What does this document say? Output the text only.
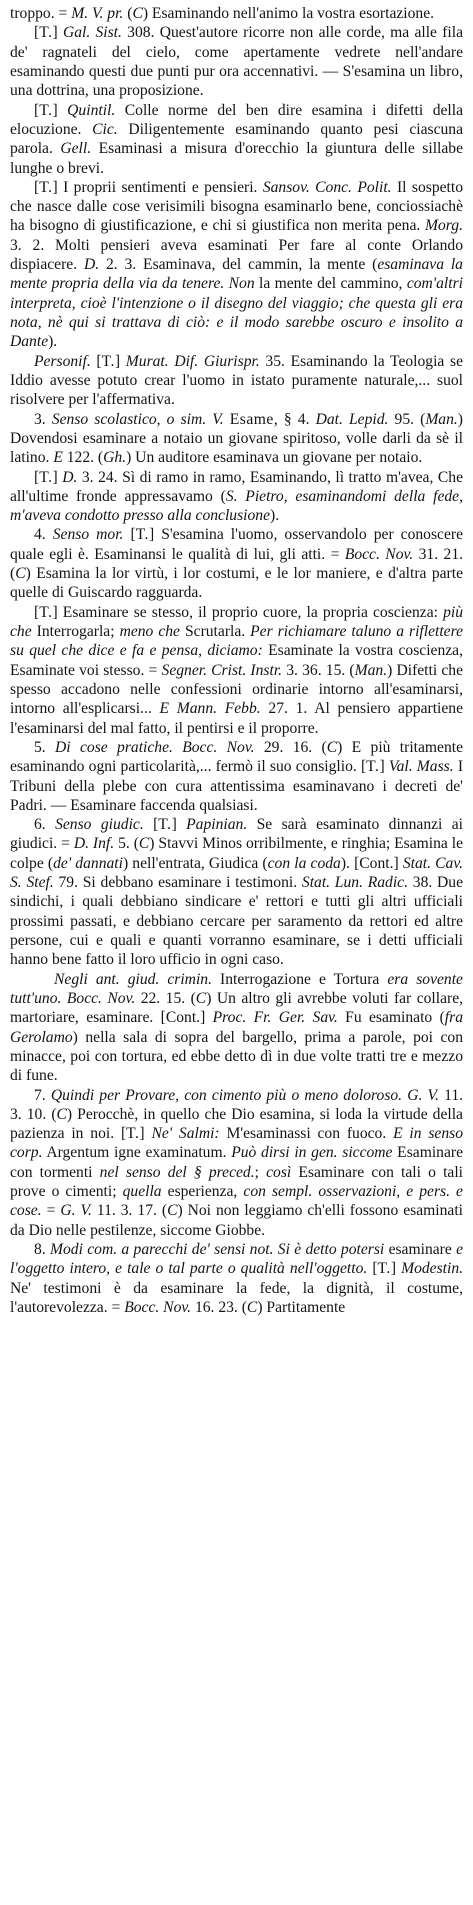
troppo. = M. V. pr. (C) Esaminando nell'animo la vostra esortazione.

[T.] Gal. Sist. 308. Quest'autore ricorre non alle corde, ma alle fila de' ragnateli del cielo, come apertamente vedrete nell'andare esaminando questi due punti pur ora accennativi. — S'esamina un libro, una dottrina, una proposizione.

[T.] Quintil. Colle norme del ben dire esamina i difetti della elocuzione. Cic. Diligentemente esaminando quanto pesi ciascuna parola. Gell. Esaminasi a misura d'orecchio la giuntura delle sillabe lunghe o brevi.

[T.] I proprii sentimenti e pensieri. Sansov. Conc. Polit. Il sospetto che nasce dalle cose verisimili bisogna esaminarlo bene, conciossiachè ha bisogno di giustificazione, e chi si giustifica non merita pena. Morg. 3. 2. Molti pensieri aveva esaminati Per fare al conte Orlando dispiacere. D. 2. 3. Esaminava, del cammin, la mente (esaminava la mente propria della via da tenere. Non la mente del cammino, com'altri interpreta, cioè l'intenzione o il disegno del viaggio; che questa gli era nota, nè qui si trattava di ciò: e il modo sarebbe oscuro e insolito a Dante).

Personif. [T.] Murat. Dif. Giurispr. 35. Esaminando la Teologia se Iddio avesse potuto crear l'uomo in istato puramente naturale,... suol risolvere per l'affermativa.

3. Senso scolastico, o sim. V. Esame, § 4. Dat. Lepid. 95. (Man.) Dovendosi esaminare a notaio un giovane spiritoso, volle darli da sè il latino. E 122. (Gh.) Un auditore esaminava un giovane per notaio.

[T.] D. 3. 24. Sì di ramo in ramo, Esaminando, lì tratto m'avea, Che all'ultime fronde appressavamo (S. Pietro, esaminandomi della fede, m'aveva condotto presso alla conclusione).

4. Senso mor. [T.] S'esamina l'uomo, osservandolo per conoscere quale egli è. Esaminansi le qualità di lui, gli atti. = Bocc. Nov. 31. 21. (C) Esamina la lor virtù, i lor costumi, e le lor maniere, e d'altra parte quelle di Guiscardo ragguarda.

[T.] Esaminare se stesso, il proprio cuore, la propria coscienza: più che Interrogarla; meno che Scrutarla. Per richiamare taluno a riflettere su quel che dice e fa e pensa, diciamo: Esaminate la vostra coscienza, Esaminate voi stesso. = Segner. Crist. Instr. 3. 36. 15. (Man.) Difetti che spesso accadono nelle confessioni ordinarie intorno all'esaminarsi, intorno all'esplicarsi... E Mann. Febb. 27. 1. Al pensiero appartiene l'esaminarsi del mal fatto, il pentirsi e il proporre.

5. Di cose pratiche. Bocc. Nov. 29. 16. (C) E più tritamente esaminando ogni particolarità,... fermò il suo consiglio. [T.] Val. Mass. I Tribuni della plebe con cura attentissima esaminavano i decreti de' Padri. — Esaminare faccenda qualsiasi.

6. Senso giudic. [T.] Papinian. Se sarà esaminato dinnanzi ai giudici. = D. Inf. 5. (C) Stavvi Minos orribilmente, e ringhia; Esamina le colpe (de' dannati) nell'entrata, Giudica (con la coda). [Cont.] Stat. Cav. S. Stef. 79. Si debbano esaminare i testimoni. Stat. Lun. Radic. 38. Due sindichi, i quali debbiano sindicare e' rettori e tutti gli altri ufficiali prossimi passati, e debbiano cercare per saramento da rettori ed altre persone, cui e quali e quanti vorranno esaminare, se i detti ufficiali hanno bene fatto il loro ufficio in ogni caso.

Negli ant. giud. crimin. Interrogazione e Tortura era sovente tutt'uno. Bocc. Nov. 22. 15. (C) Un altro gli avrebbe voluti far collare, martoriare, esaminare. [Cont.] Proc. Fr. Ger. Sav. Fu esaminato (fra Gerolamo) nella sala di sopra del bargello, prima a parole, poi con minacce, poi con tortura, ed ebbe detto dì in due volte tratti tre e mezzo di fune.

7. Quindi per Provare, con cimento più o meno doloroso. G. V. 11. 3. 10. (C) Perocchè, in quello che Dio esamina, si loda la virtude della pazienza in noi. [T.] Ne' Salmi: M'esaminassi con fuoco. E in senso corp. Argentum igne examinatum. Può dirsi in gen. siccome Esaminare con tormenti nel senso del § preced.; così Esaminare con tali o tali prove o cimenti; quella esperienza, con sempl. osservazioni, e pers. e cose. = G. V. 11. 3. 17. (C) Noi non leggiamo ch'elli fossono esaminati da Dio nelle pestilenze, siccome Giobbe.

8. Modi com. a parecchi de' sensi not. Si è detto potersi esaminare e l'oggetto intero, e tale o tal parte o qualità nell'oggetto. [T.] Modestin. Ne' testimoni è da esaminare la fede, la dignità, il costume, l'autorevolezza. = Bocc. Nov. 16. 23. (C) Partitamente
